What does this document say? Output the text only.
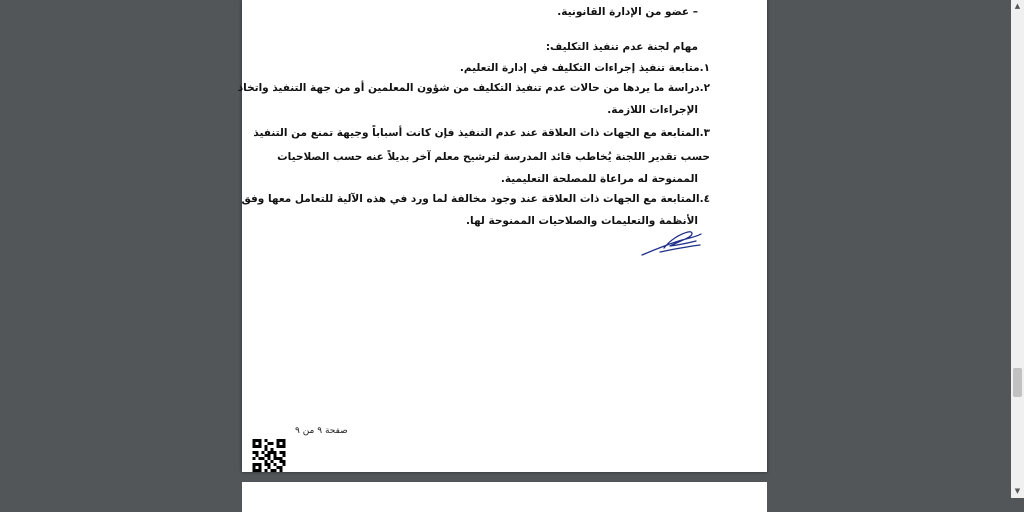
– عضو من الإدارة القانونية.
مهام لجنة عدم تنفيذ التكليف:
١.متابعة تنفيذ إجراءات التكليف في إدارة التعليم.
٢.دراسة ما يردها من حالات عدم تنفيذ التكليف من شؤون المعلمين أو من جهة التنفيذ واتخاذ
الإجراءات اللازمة.
٣.المتابعة مع الجهات ذات العلاقة عند عدم التنفيذ فإن كانت أسباباً وجيهة تمنع من التنفيذ
حسب تقدير اللجنة يُخاطب قائد المدرسة لترشيح معلم آخر بديلاً عنه حسب الصلاحيات
الممنوحة له مراعاة للمصلحة التعليمية.
٤.المتابعة مع الجهات ذات العلاقة عند وجود مخالفة لما ورد في هذه الآلية للتعامل معها وفق
الأنظمة والتعليمات والصلاحيات الممنوحة لها.
صفحة ٩ من ٩
▲
▼
